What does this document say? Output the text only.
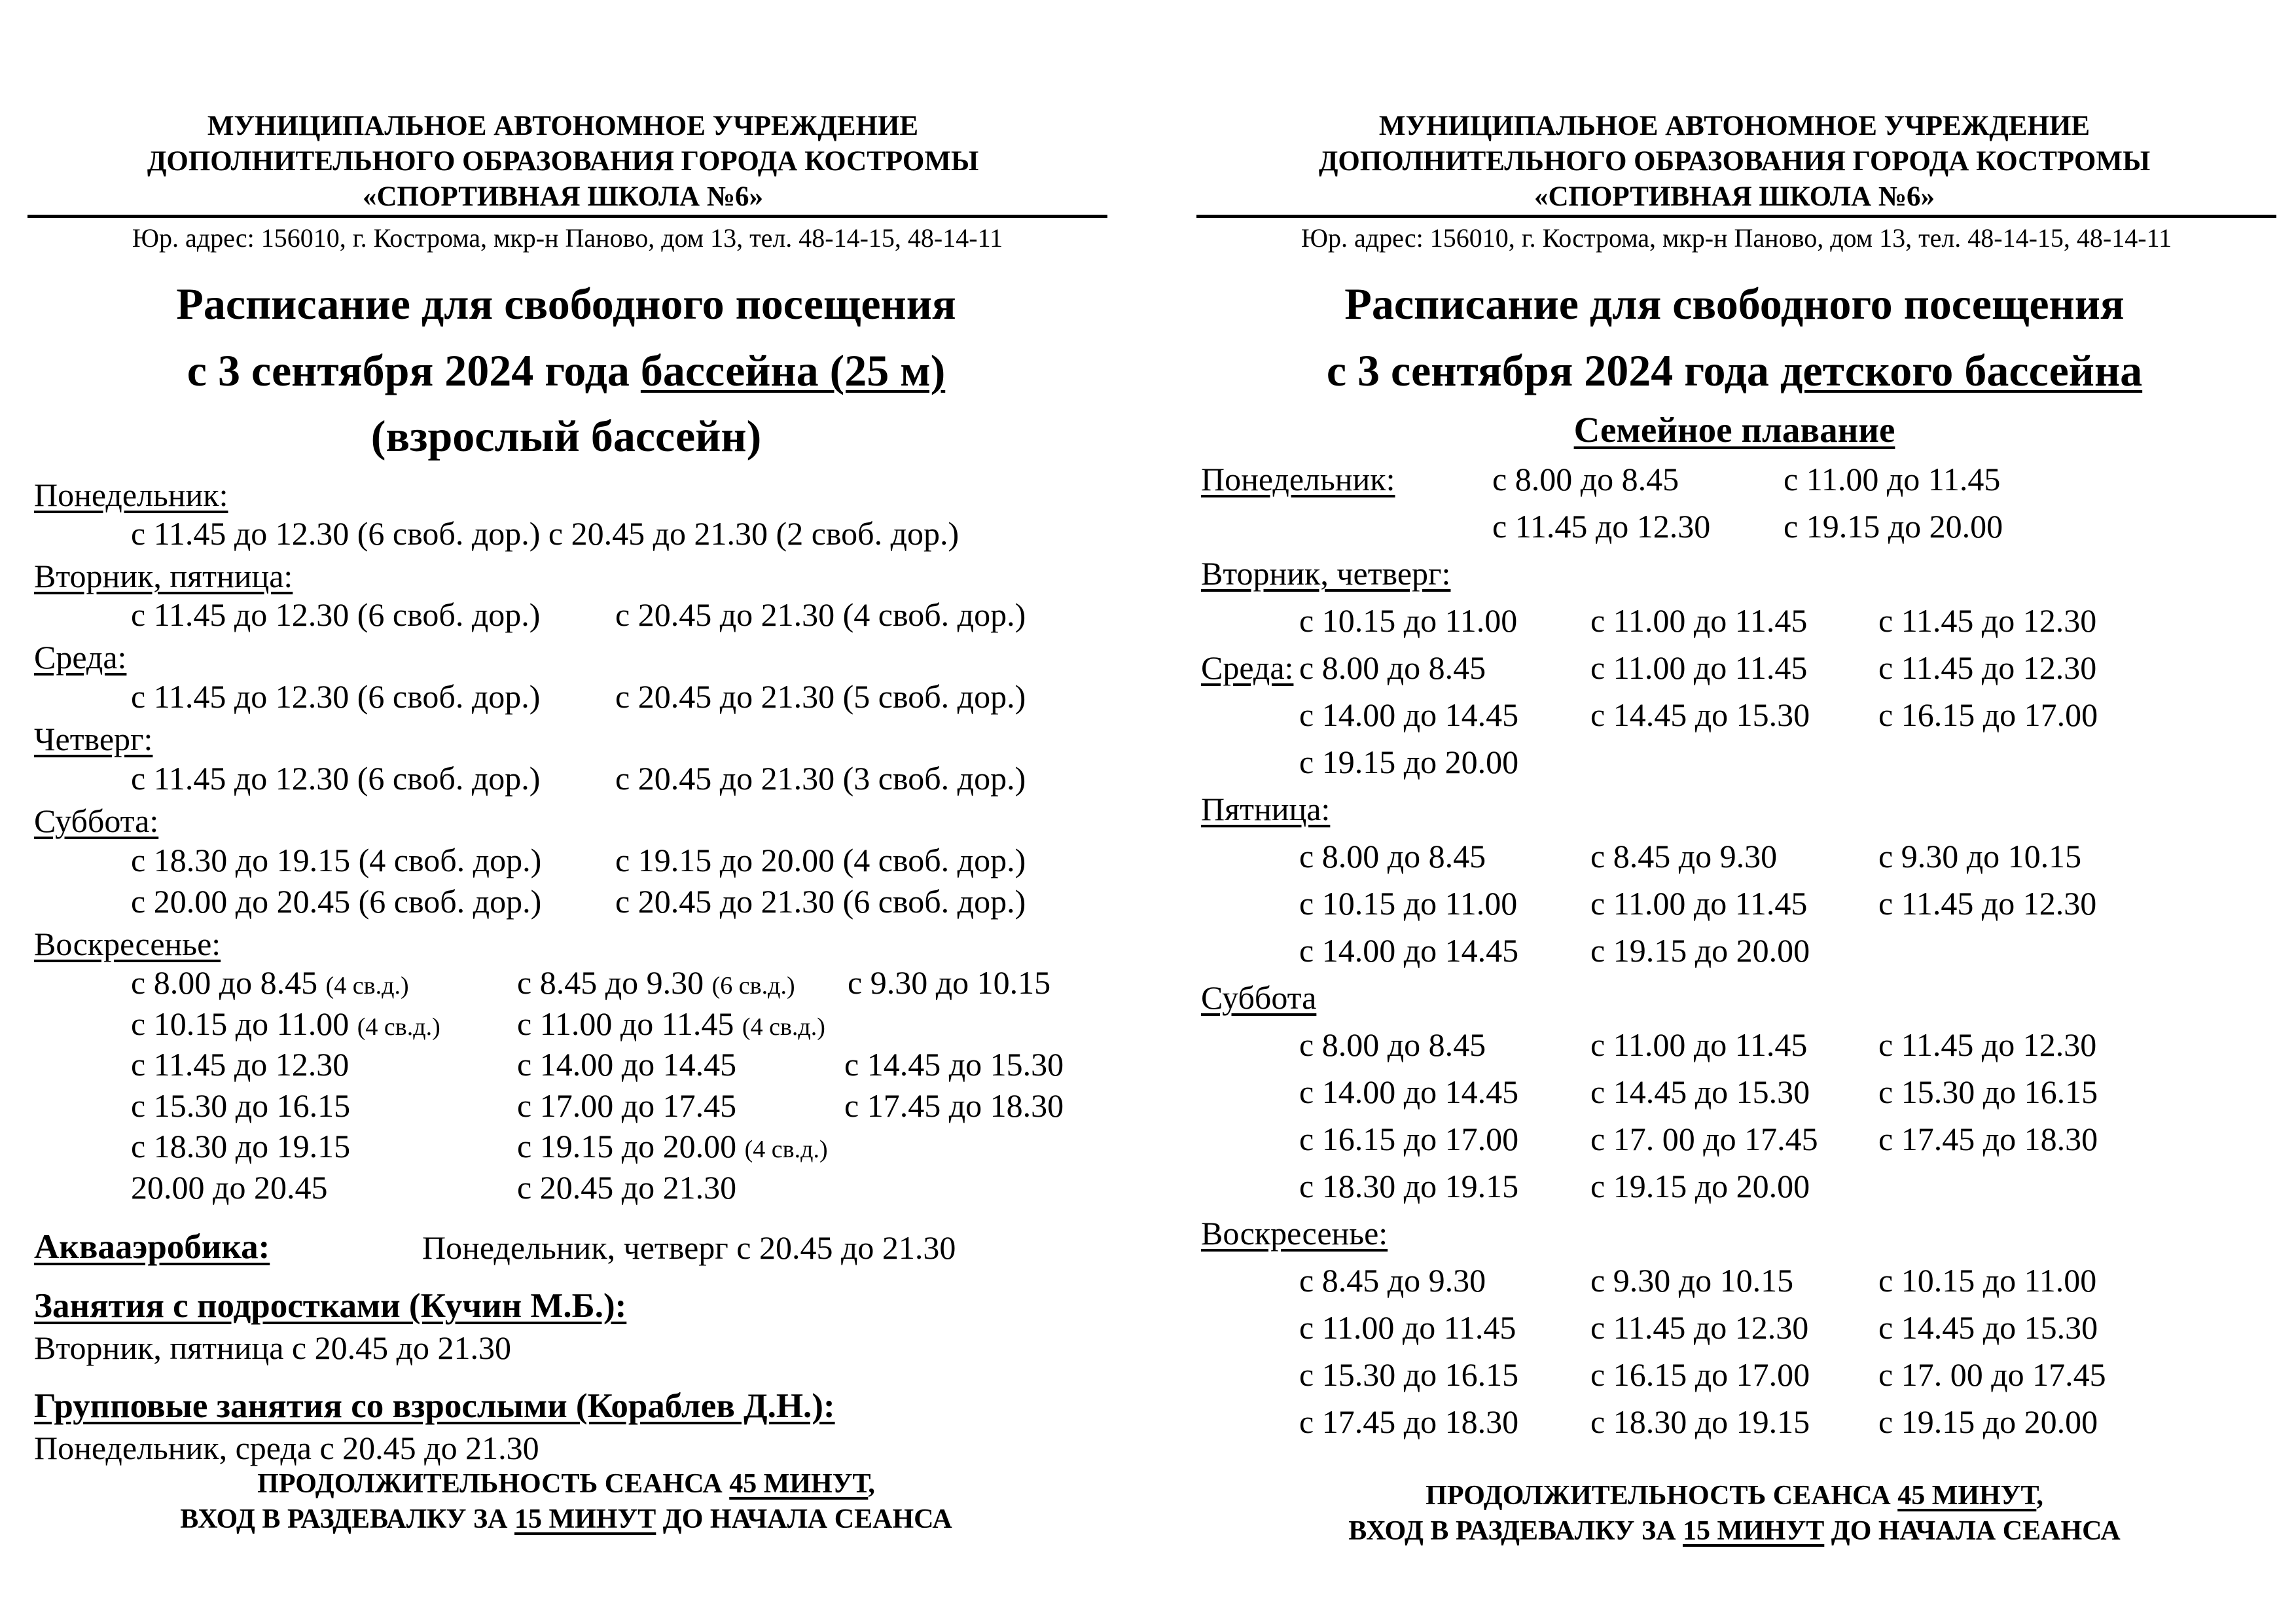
МУНИЦИПАЛЬНОЕ АВТОНОМНОЕ УЧРЕЖДЕНИЕ
ДОПОЛНИТЕЛЬНОГО ОБРАЗОВАНИЯ ГОРОДА КОСТРОМЫ
«СПОРТИВНАЯ ШКОЛА №6»
Юр. адрес: 156010, г. Кострома, мкр-н Паново, дом 13, тел. 48-14-15, 48-14-11
Расписание для свободного посещения
с 3 сентября 2024 года бассейна (25 м)
(взрослый бассейн)
Понедельник:
с 11.45 до 12.30 (6 своб. дор.) с 20.45 до 21.30 (2 своб. дор.)
Вторник, пятница:
с 11.45 до 12.30 (6 своб. дор.) с 20.45 до 21.30 (4 своб. дор.)
Среда:
с 11.45 до 12.30 (6 своб. дор.) с 20.45 до 21.30 (5 своб. дор.)
Четверг:
с 11.45 до 12.30 (6 своб. дор.) с 20.45 до 21.30 (3 своб. дор.)
Суббота:
с 18.30 до 19.15 (4 своб. дор.) с 19.15 до 20.00 (4 своб. дор.)
с 20.00 до 20.45 (6 своб. дор.) с 20.45 до 21.30 (6 своб. дор.)
Воскресенье:
с 8.00 до 8.45 (4 св.д.)	с 8.45 до 9.30 (6 св.д.) с 9.30 до 10.15
с 10.15 до 11.00 (4 св.д.) с 11.00 до 11.45 (4 св.д.)
с 11.45 до 12.30	с 14.00 до 14.45	с 14.45 до 15.30
с 15.30 до 16.15	с 17.00 до 17.45	с 17.45 до 18.30
с 18.30 до 19.15	с 19.15 до 20.00 (4 св.д.)
20.00 до 20.45	с 20.45 до 21.30
Аквааэробика:	Понедельник, четверг с 20.45 до 21.30
Занятия с подростками (Кучин М.Б.):
Вторник, пятница с 20.45 до 21.30
Групповые занятия со взрослыми (Кораблев Д.Н.):
Понедельник, среда с 20.45 до 21.30
ПРОДОЛЖИТЕЛЬНОСТЬ СЕАНСА 45 МИНУТ,
ВХОД В РАЗДЕВАЛКУ ЗА 15 МИНУТ ДО НАЧАЛА СЕАНСА
МУНИЦИПАЛЬНОЕ АВТОНОМНОЕ УЧРЕЖДЕНИЕ
ДОПОЛНИТЕЛЬНОГО ОБРАЗОВАНИЯ ГОРОДА КОСТРОМЫ
«СПОРТИВНАЯ ШКОЛА №6»
Юр. адрес: 156010, г. Кострома, мкр-н Паново, дом 13, тел. 48-14-15, 48-14-11
Расписание для свободного посещения
с 3 сентября 2024 года детского бассейна
Семейное плавание
Понедельник:	с 8.00 до 8.45	с 11.00 до 11.45
с 11.45 до 12.30 с 19.15 до 20.00
Вторник, четверг:
с 10.15 до 11.00 с 11.00 до 11.45 с 11.45 до 12.30
Среда: с 8.00 до 8.45	с 11.00 до 11.45 с 11.45 до 12.30
с 14.00 до 14.45 с 14.45 до 15.30 с 16.15 до 17.00
с 19.15 до 20.00
Пятница:
с 8.00 до 8.45	с 8.45 до 9.30	с 9.30 до 10.15
с 10.15 до 11.00 с 11.00 до 11.45 с 11.45 до 12.30
с 14.00 до 14.45 с 19.15 до 20.00
Суббота
с 8.00 до 8.45	с 11.00 до 11.45 с 11.45 до 12.30
с 14.00 до 14.45 с 14.45 до 15.30 с 15.30 до 16.15
с 16.15 до 17.00 с 17. 00 до 17.45 с 17.45 до 18.30
с 18.30 до 19.15 с 19.15 до 20.00
Воскресенье:
с 8.45 до 9.30	с 9.30 до 10.15	с 10.15 до 11.00
с 11.00 до 11.45 с 11.45 до 12.30 с 14.45 до 15.30
с 15.30 до 16.15 с 16.15 до 17.00 с 17. 00 до 17.45
с 17.45 до 18.30 с 18.30 до 19.15 с 19.15 до 20.00
ПРОДОЛЖИТЕЛЬНОСТЬ СЕАНСА 45 МИНУТ,
ВХОД В РАЗДЕВАЛКУ ЗА 15 МИНУТ ДО НАЧАЛА СЕАНСА
